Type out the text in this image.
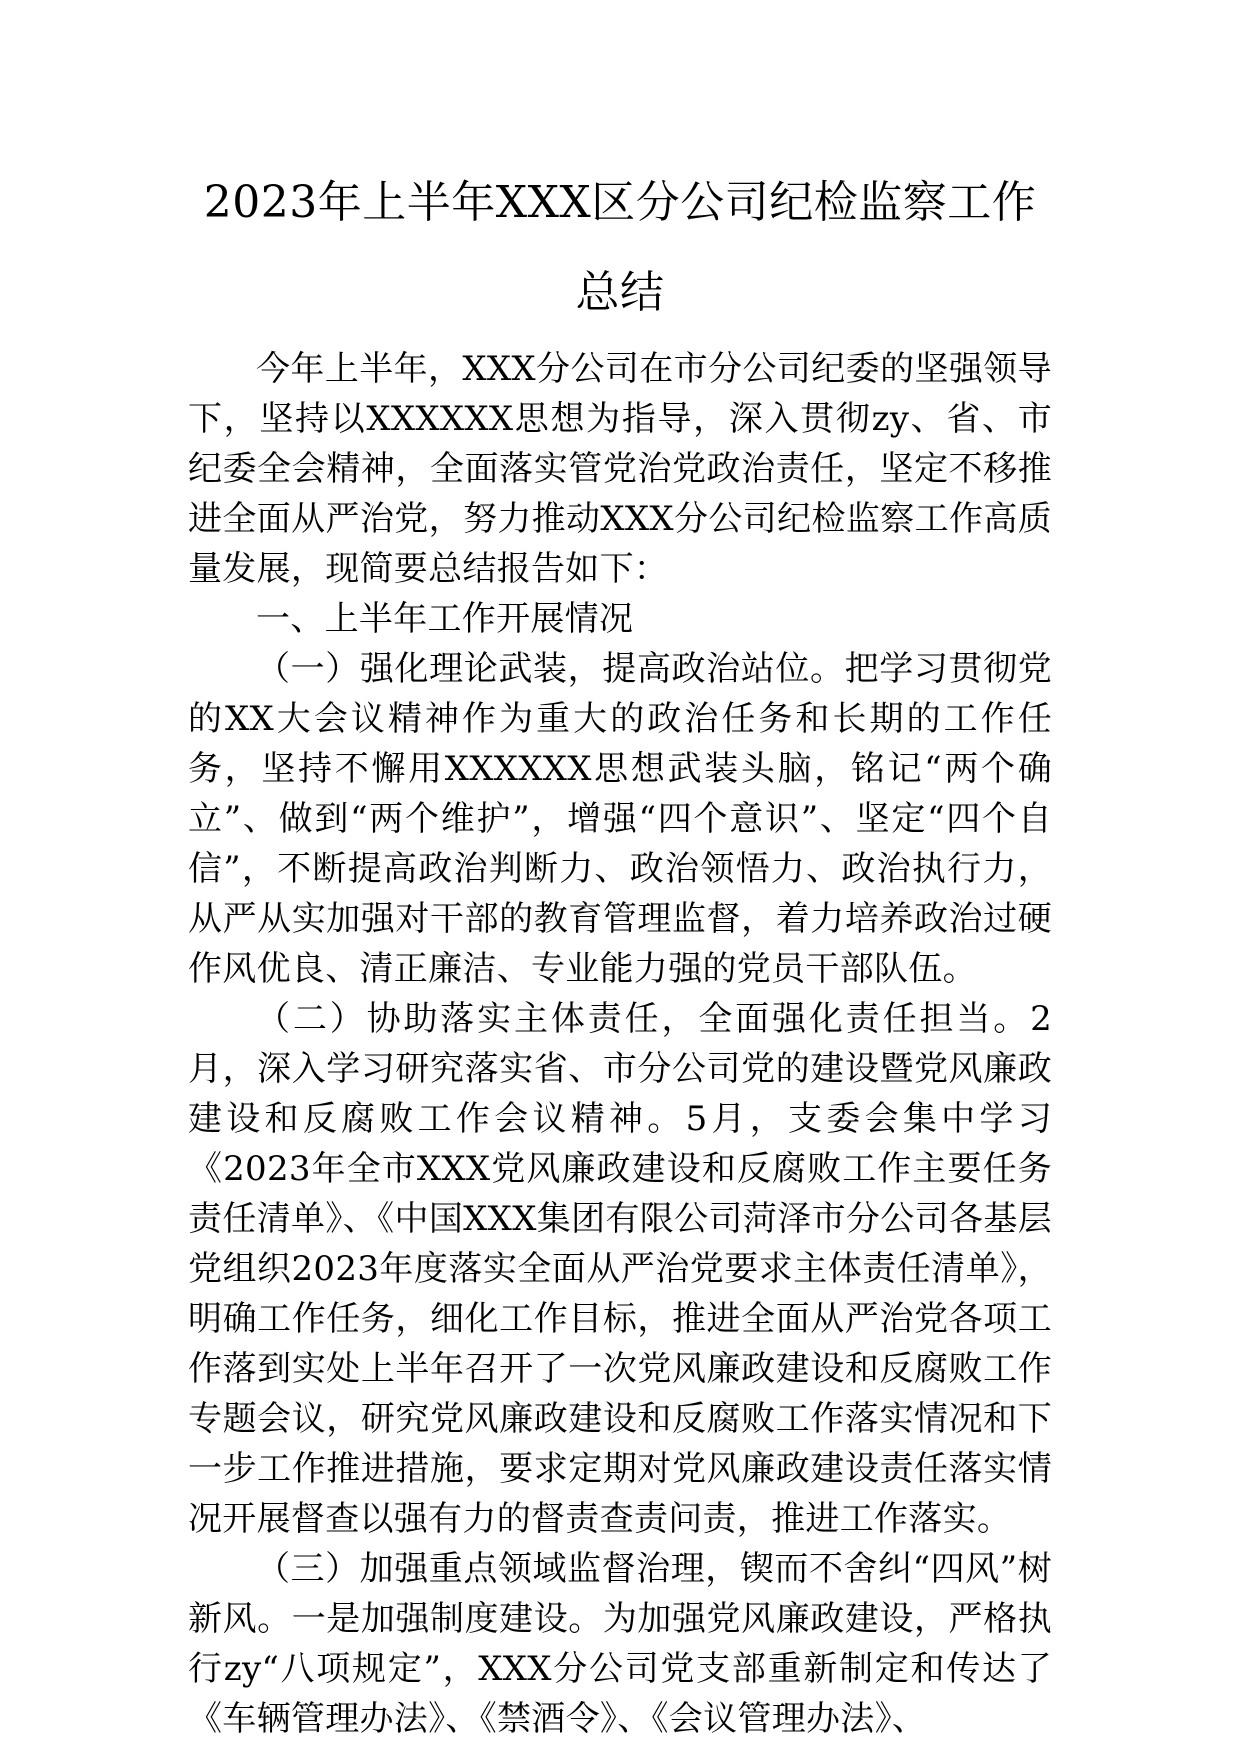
2023年上半年XXX区分公司纪检监察工作总结

今年上半年，XXX分公司在市分公司纪委的坚强领导下，坚持以XXXXXX思想为指导，深入贯彻zy、省、市纪委全会精神，全面落实管党治党政治责任，坚定不移推进全面从严治党，努力推动XXX分公司纪检监察工作高质量发展，现简要总结报告如下：

一、上半年工作开展情况

（一）强化理论武装，提高政治站位。把学习贯彻党的XX大会议精神作为重大的政治任务和长期的工作任务，坚持不懈用XXXXXX思想武装头脑，铭记“两个确立”、做到“两个维护”，增强“四个意识”、坚定“四个自信”，不断提高政治判断力、政治领悟力、政治执行力，从严从实加强对干部的教育管理监督，着力培养政治过硬作风优良、清正廉洁、专业能力强的党员干部队伍。

（二）协助落实主体责任，全面强化责任担当。2月，深入学习研究落实省、市分公司党的建设暨党风廉政建设和反腐败工作会议精神。5月，支委会集中学习《2023年全市XXX党风廉政建设和反腐败工作主要任务责任清单》、《中国XXX集团有限公司菏泽市分公司各基层党组织2023年度落实全面从严治党要求主体责任清单》，明确工作任务，细化工作目标，推进全面从严治党各项工作落到实处上半年召开了一次党风廉政建设和反腐败工作专题会议，研究党风廉政建设和反腐败工作落实情况和下一步工作推进措施，要求定期对党风廉政建设责任落实情况开展督查以强有力的督责查责问责，推进工作落实。

（三）加强重点领域监督治理，锲而不舍纠“四风”树新风。一是加强制度建设。为加强党风廉政建设，严格执行zy“八项规定”，XXX分公司党支部重新制定和传达了《车辆管理办法》、《禁酒令》、《会议管理办法》、
